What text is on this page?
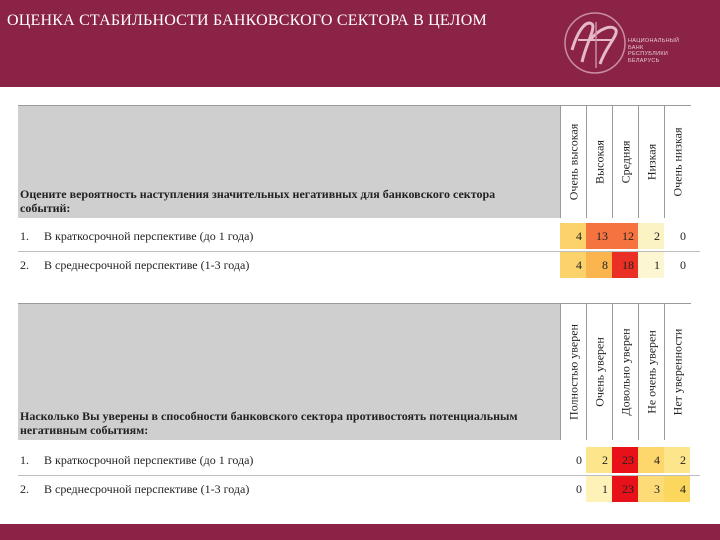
ОЦЕНКА СТАБИЛЬНОСТИ БАНКОВСКОГО СЕКТОРА В ЦЕЛОМ
НАЦИОНАЛЬНЫЙ
БАНК
РЕСПУБЛИКИ
БЕЛАРУСЬ
Оцените вероятность наступления значительных негативных для банковского сектора событий:
Очень высокая Высокая Средняя Низкая Очень низкая
1. В краткосрочной перспективе (до 1 года)	4	13	12	2	0
2. В среднесрочной перспективе (1-3 года)	4	8	18	1	0
Насколько Вы уверены в способности банковского сектора противостоять потенциальным негативным событиям:
Полностью уверен Очень уверен Довольно уверен Не очень уверен Нет уверенности
1. В краткосрочной перспективе (до 1 года)	0	2	23	4	2
2. В среднесрочной перспективе (1-3 года)	0	1	23	3	4
